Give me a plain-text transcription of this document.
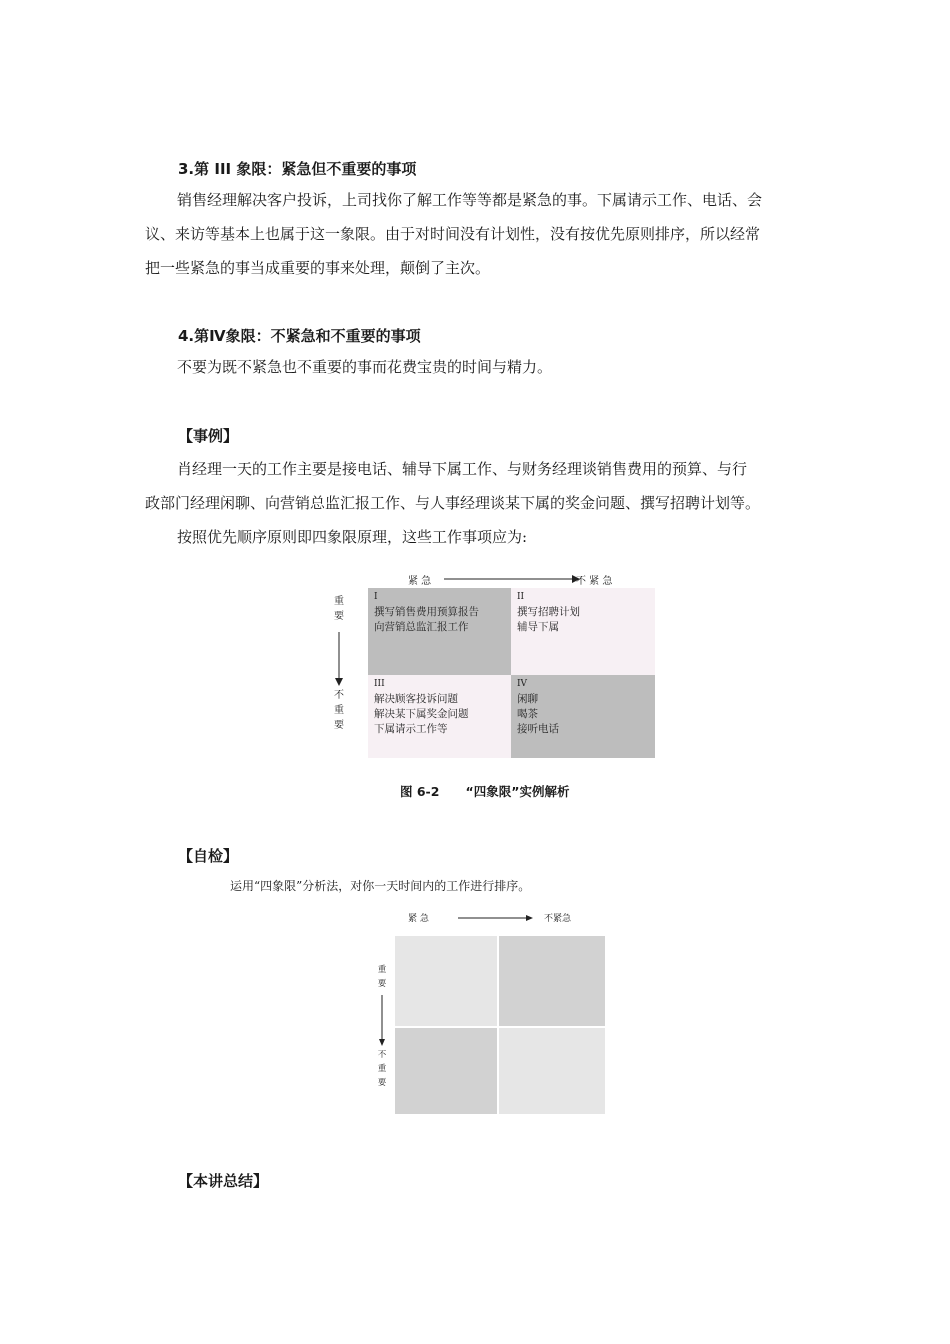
3.第 III 象限：紧急但不重要的事项
销售经理解决客户投诉，上司找你了解工作等等都是紧急的事。下属请示工作、电话、会
议、来访等基本上也属于这一象限。由于对时间没有计划性，没有按优先原则排序，所以经常
把一些紧急的事当成重要的事来处理，颠倒了主次。
4.第Ⅳ象限：不紧急和不重要的事项
不要为既不紧急也不重要的事而花费宝贵的时间与精力。
【事例】
肖经理一天的工作主要是接电话、辅导下属工作、与财务经理谈销售费用的预算、与行
政部门经理闲聊、向营销总监汇报工作、与人事经理谈某下属的奖金问题、撰写招聘计划等。
按照优先顺序原则即四象限原理，这些工作事项应为:
紧 急	不 紧 急
重
要
不
重
要
I
撰写销售费用预算报告
向营销总监汇报工作
II
撰写招聘计划
辅导下属
III
解决顾客投诉问题
解决某下属奖金问题
下属请示工作等
IV
闲聊
喝茶
接听电话
图 6-2      “四象限”实例解析
【自检】
运用“四象限”分析法，对你一天时间内的工作进行排序。
紧 急	不紧急
重
要
不
重
要
【本讲总结】
